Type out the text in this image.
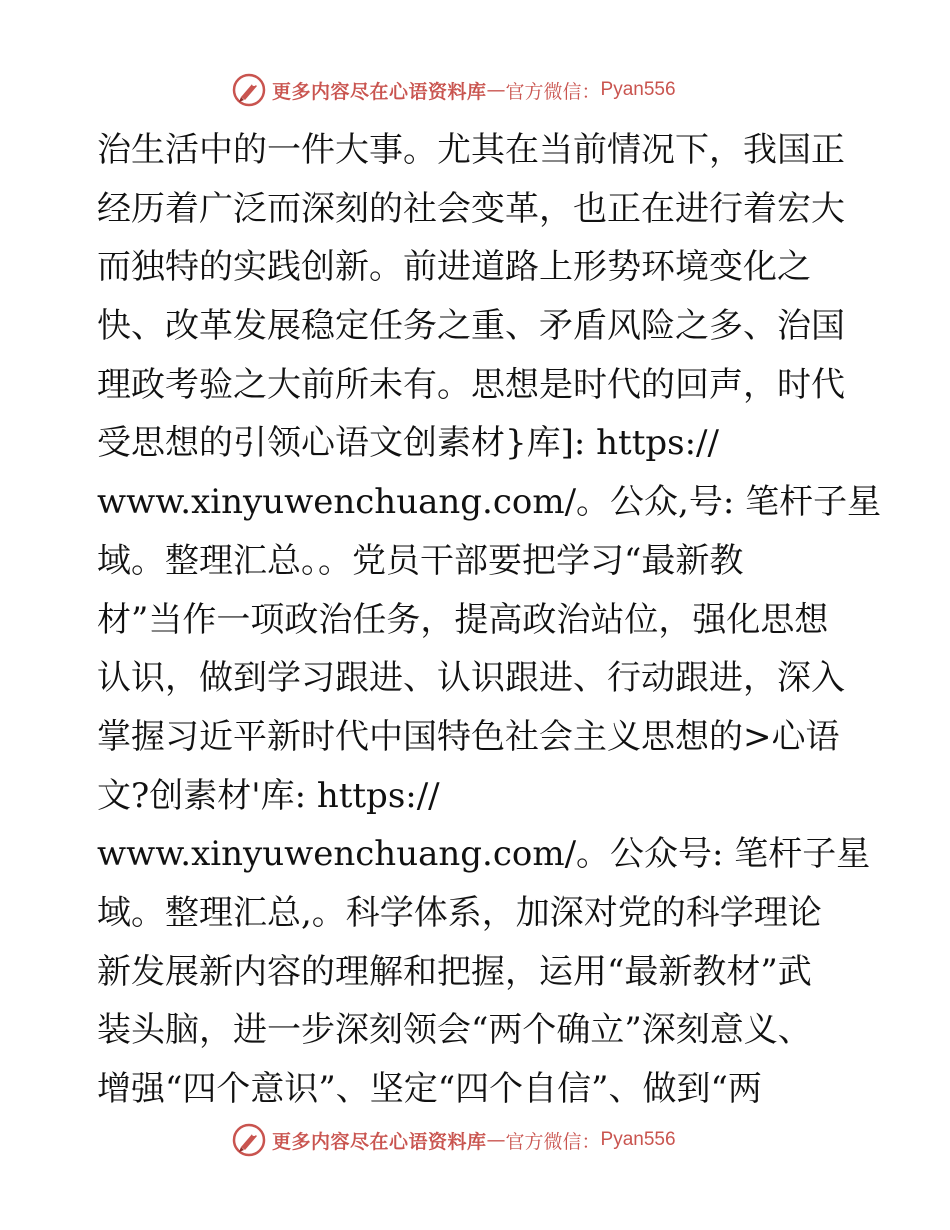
更多内容尽在心语资料库 — 官方微信： Pyan556
治生活中的一件大事。尤其在当前情况下，我国正
经历着广泛而深刻的社会变革，也正在进行着宏大
而独特的实践创新。前进道路上形势环境变化之
快、改革发展稳定任务之重、矛盾风险之多、治国
理政考验之大前所未有。思想是时代的回声，时代
受思想的引领心语文创素材}库]: https://
www.xinyuwenchuang.com/。公众,号: 笔杆子星
域。整理汇总。。党员干部要把学习“最新教
材”当作一项政治任务，提高政治站位，强化思想
认识，做到学习跟进、认识跟进、行动跟进，深入
掌握习近平新时代中国特色社会主义思想的>心语
文?创素材'库: https://
www.xinyuwenchuang.com/。公众号: 笔杆子星
域。整理汇总,。科学体系，加深对党的科学理论
新发展新内容的理解和把握，运用“最新教材”武
装头脑，进一步深刻领会“两个确立”深刻意义、
增强“四个意识”、坚定“四个自信”、做到“两
更多内容尽在心语资料库 — 官方微信： Pyan556
